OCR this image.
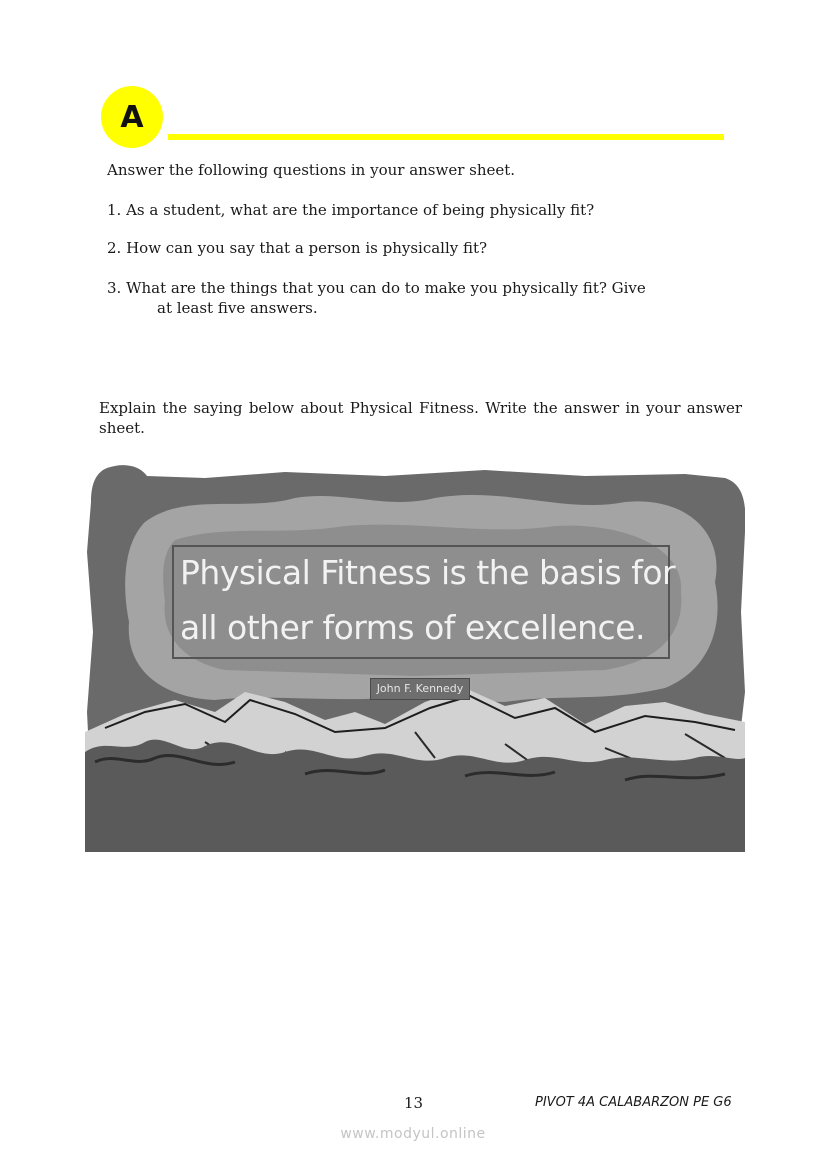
A
Answer the following questions in your answer sheet.
1. As a student, what are the importance of being physically fit?
2. How can you say that a person is physically fit?
3. What are the things that you can do to make you physically fit? Give
at least five answers.
Explain the saying below about Physical Fitness. Write the answer in your answer sheet.
Physical Fitness is the basis for
all other forms of excellence.
John F. Kennedy
13	PIVOT 4A CALABARZON PE G6
www.modyul.online
